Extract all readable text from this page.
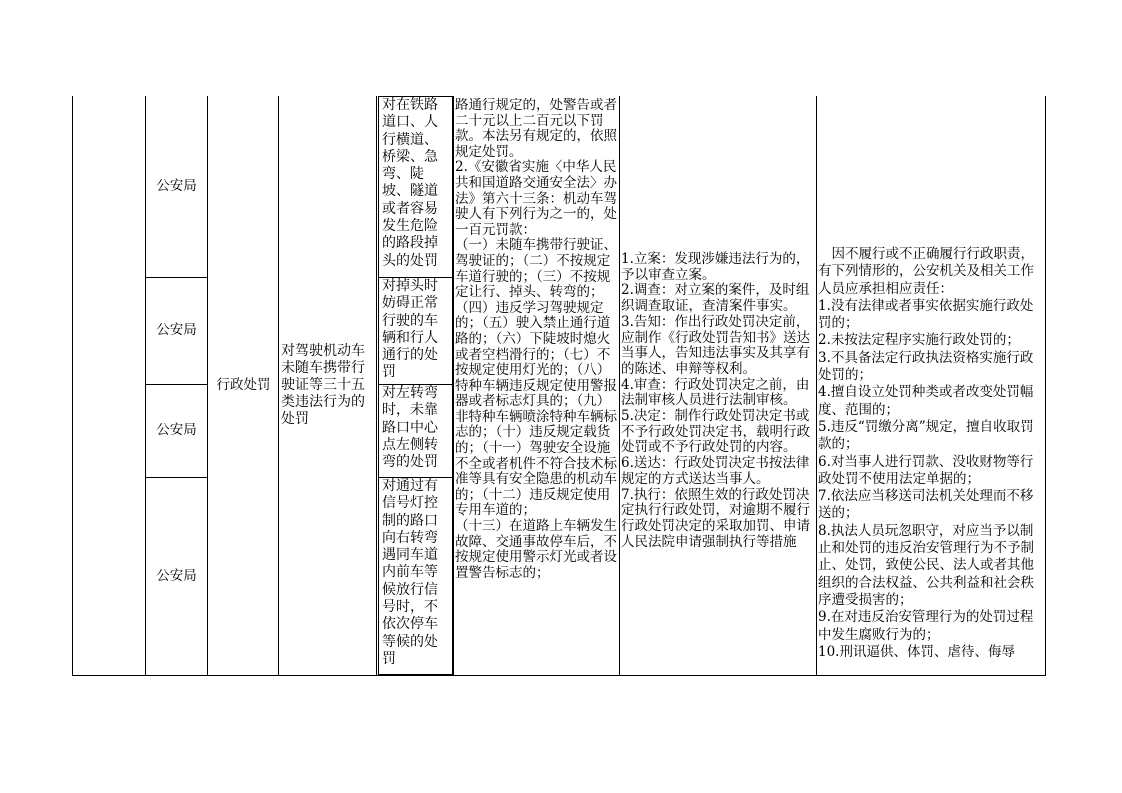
公安局
公安局
公安局
公安局
行政处罚
对驾驶机动车未随车携带行驶证等三十五类违法行为的处罚
对在铁路道口、人行横道、桥梁、急弯、陡坡、隧道或者容易发生危险的路段掉头的处罚
对掉头时妨碍正常行驶的车辆和行人通行的处罚
对左转弯时，未靠路口中心点左侧转弯的处罚
对通过有信号灯控制的路口向右转弯遇同车道内前车等候放行信号时，不依次停车等候的处罚
路通行规定的，处警告或者二十元以上二百元以下罚款。本法另有规定的，依照规定处罚。
2.《安徽省实施〈中华人民共和国道路交通安全法〉办法》第六十三条：机动车驾驶人有下列行为之一的，处一百元罚款：
（一）未随车携带行驶证、驾驶证的；（二）不按规定车道行驶的；（三）不按规定让行、掉头、转弯的；（四）违反学习驾驶规定的；（五）驶入禁止通行道路的；（六）下陡坡时熄火或者空档滑行的；（七）不按规定使用灯光的；（八）特种车辆违反规定使用警报器或者标志灯具的；（九）非特种车辆喷涂特种车辆标志的；（十）违反规定载货的；（十一）驾驶安全设施不全或者机件不符合技术标准等具有安全隐患的机动车的；（十二）违反规定使用专用车道的；
（十三）在道路上车辆发生故障、交通事故停车后，不按规定使用警示灯光或者设置警告标志的；
1.立案：发现涉嫌违法行为的，予以审查立案。
2.调查：对立案的案件，及时组织调查取证，查清案件事实。
3.告知：作出行政处罚决定前，应制作《行政处罚告知书》送达当事人，告知违法事实及其享有的陈述、申辩等权利。
4.审查：行政处罚决定之前，由法制审核人员进行法制审核。
5.决定：制作行政处罚决定书或不予行政处罚决定书，载明行政处罚或不予行政处罚的内容。
6.送达：行政处罚决定书按法律规定的方式送达当事人。
7.执行：依照生效的行政处罚决定执行行政处罚，对逾期不履行行政处罚决定的采取加罚、申请人民法院申请强制执行等措施
　因不履行或不正确履行行政职责，有下列情形的，公安机关及相关工作人员应承担相应责任：
1.没有法律或者事实依据实施行政处罚的；
2.未按法定程序实施行政处罚的；
3.不具备法定行政执法资格实施行政处罚的；
4.擅自设立处罚种类或者改变处罚幅度、范围的；
5.违反“罚缴分离”规定，擅自收取罚款的；
6.对当事人进行罚款、没收财物等行政处罚不使用法定单据的；
7.依法应当移送司法机关处理而不移送的；
8.执法人员玩忽职守，对应当予以制止和处罚的违反治安管理行为不予制止、处罚，致使公民、法人或者其他组织的合法权益、公共利益和社会秩序遭受损害的；
9.在对违反治安管理行为的处罚过程中发生腐败行为的；
10.刑讯逼供、体罚、虐待、侮辱
